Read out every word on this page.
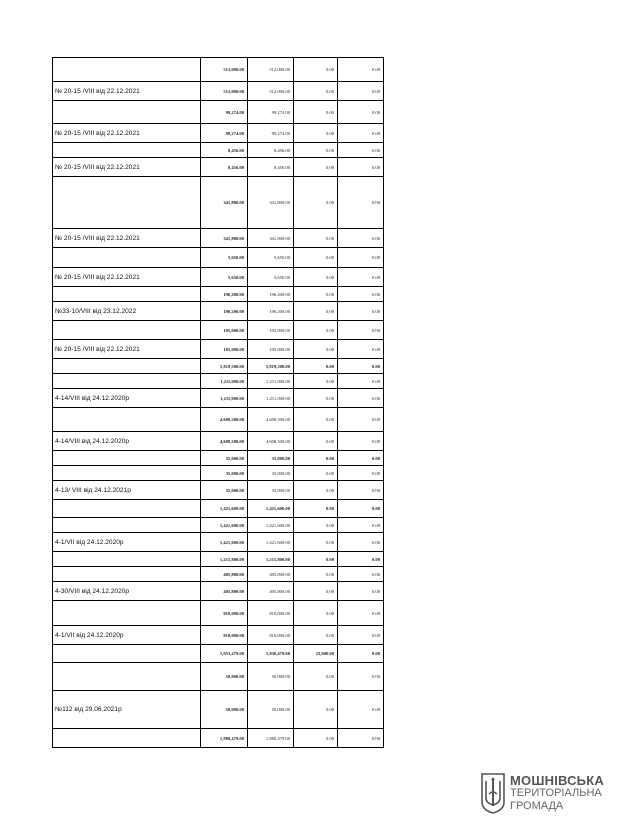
	512,000.00	512,000.00	0.00	0.00
№ 20-15 /VIII від 22.12.2021	512,000.00	512,000.00	0.00	0.00
	99,274.00	99,274.00	0.00	0.00
№ 20-15 /VIII від 22.12.2021	99,274.00	99,274.00	0.00	0.00
	8,456.00	8,456.00	0.00	0.00
№ 20-15 /VIII від 22.12.2021	8,456.00	8,456.00	0.00	0.00
	341,800.00	341,800.00	0.00	0.00
№ 20-15 /VIII від 22.12.2021	341,800.00	341,800.00	0.00	0.00
	5,650.00	5,650.00	0.00	0.00
№ 20-15 /VIII від 22.12.2021	5,650.00	5,650.00	0.00	0.00
	196,200.00	196,200.00	0.00	0.00
№33-10/VIII від 23.12.2022	196,200.00	196,200.00	0.00	0.00
	105,000.00	105,000.00	0.00	0.00
№ 20-15 /VIII від 22.12.2021	105,000.00	105,000.00	0.00	0.00
	5,819,500.00	5,819,500.00	0.00	0.00
	1,211,000.00	1,211,000.00	0.00	0.00
4-14/VIII від 24.12.2020р	1,211,000.00	1,211,000.00	0.00	0.00
	4,608,500.00	4,608,500.00	0.00	0.00
4-14/VIII від 24.12.2020р	4,608,500.00	4,608,500.00	0.00	0.00
	35,000.00	35,000.00	0.00	0.00
	35,000.00	35,000.00	0.00	0.00
4-13/ VIII від 24.12.2021р	35,000.00	35,000.00	0.00	0.00
	1,421,600.00	1,421,600.00	0.00	0.00
	1,421,600.00	1,421,600.00	0.00	0.00
4-1/VII від 24.12.2020р	1,421,600.00	1,421,600.00	0.00	0.00
	1,215,800.00	1,215,800.00	0.00	0.00
	405,800.00	405,800.00	0.00	0.00
4-30/VIII від 24.12.2020р	405,800.00	405,800.00	0.00	0.00
	810,000.00	810,000.00	0.00	0.00
4-1/VII від 24.12.2020р	810,000.00	810,000.00	0.00	0.00
	1,953,479.00	1,930,479.00	23,000.00	0.00
	50,000.00	50,000.00	0.00	0.00
№112 від 29.06.2021р	50,000.00	50,000.00	0.00	0.00
	1,880,479.00	1,880,479.00	0.00	0.00
МОШНІВСЬКА
ТЕРИТОРІАЛЬНА
ГРОМАДА
